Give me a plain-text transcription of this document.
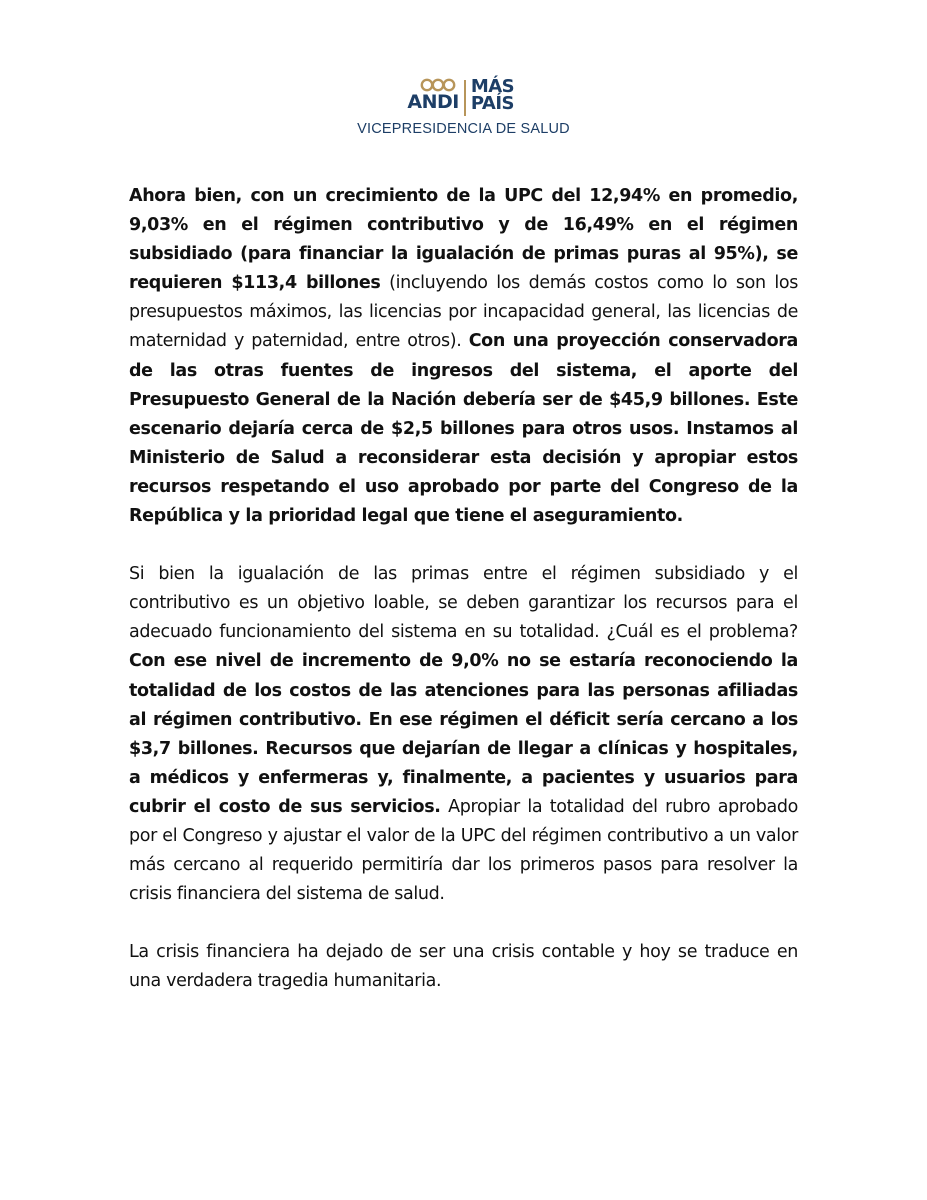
ANDI
MÁS
PAÍS
VICEPRESIDENCIA DE SALUD

Ahora bien, con un crecimiento de la UPC del 12,94% en promedio, 9,03% en el régimen contributivo y de 16,49% en el régimen subsidiado (para financiar la igualación de primas puras al 95%), se requieren $113,4 billones (incluyendo los demás costos como lo son los presupuestos máximos, las licencias por incapacidad general, las licencias de maternidad y paternidad, entre otros). Con una proyección conservadora de las otras fuentes de ingresos del sistema, el aporte del Presupuesto General de la Nación debería ser de $45,9 billones. Este escenario dejaría cerca de $2,5 billones para otros usos. Instamos al Ministerio de Salud a reconsiderar esta decisión y apropiar estos recursos respetando el uso aprobado por parte del Congreso de la República y la prioridad legal que tiene el aseguramiento.

Si bien la igualación de las primas entre el régimen subsidiado y el contributivo es un objetivo loable, se deben garantizar los recursos para el adecuado funcionamiento del sistema en su totalidad. ¿Cuál es el problema? Con ese nivel de incremento de 9,0% no se estaría reconociendo la totalidad de los costos de las atenciones para las personas afiliadas al régimen contributivo. En ese régimen el déficit sería cercano a los $3,7 billones. Recursos que dejarían de llegar a clínicas y hospitales, a médicos y enfermeras y, finalmente, a pacientes y usuarios para cubrir el costo de sus servicios. Apropiar la totalidad del rubro aprobado por el Congreso y ajustar el valor de la UPC del régimen contributivo a un valor más cercano al requerido permitiría dar los primeros pasos para resolver la crisis financiera del sistema de salud.

La crisis financiera ha dejado de ser una crisis contable y hoy se traduce en una verdadera tragedia humanitaria.
